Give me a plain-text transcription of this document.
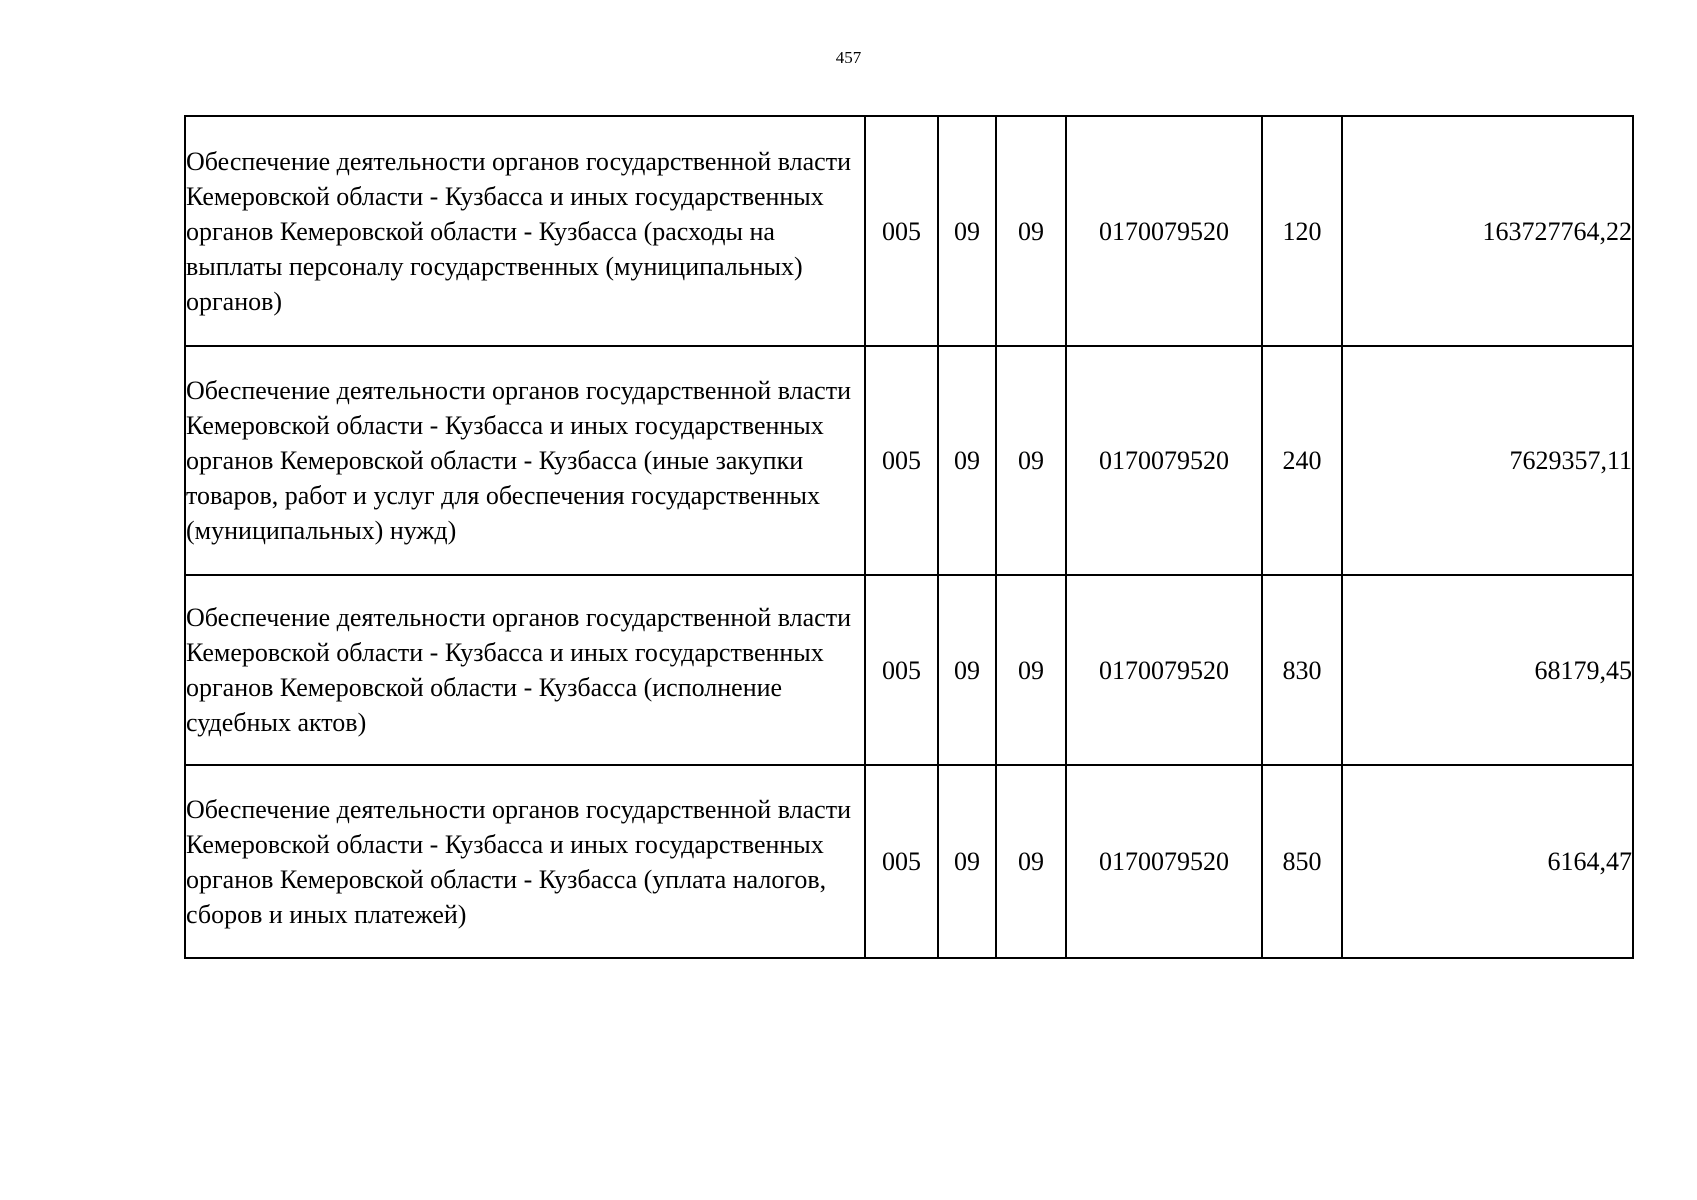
457
Обеспечение деятельности органов государственной власти Кемеровской области - Кузбасса и иных государственных органов Кемеровской области - Кузбасса (расходы на выплаты персоналу государственных (муниципальных) органов)	005	09	09	0170079520	120	163727764,22
Обеспечение деятельности органов государственной власти Кемеровской области - Кузбасса и иных государственных органов Кемеровской области - Кузбасса (иные закупки товаров, работ и услуг для обеспечения государственных (муниципальных) нужд)	005	09	09	0170079520	240	7629357,11
Обеспечение деятельности органов государственной власти Кемеровской области - Кузбасса и иных государственных органов Кемеровской области - Кузбасса (исполнение судебных актов)	005	09	09	0170079520	830	68179,45
Обеспечение деятельности органов государственной власти Кемеровской области - Кузбасса и иных государственных органов Кемеровской области - Кузбасса (уплата налогов, сборов и иных платежей)	005	09	09	0170079520	850	6164,47
